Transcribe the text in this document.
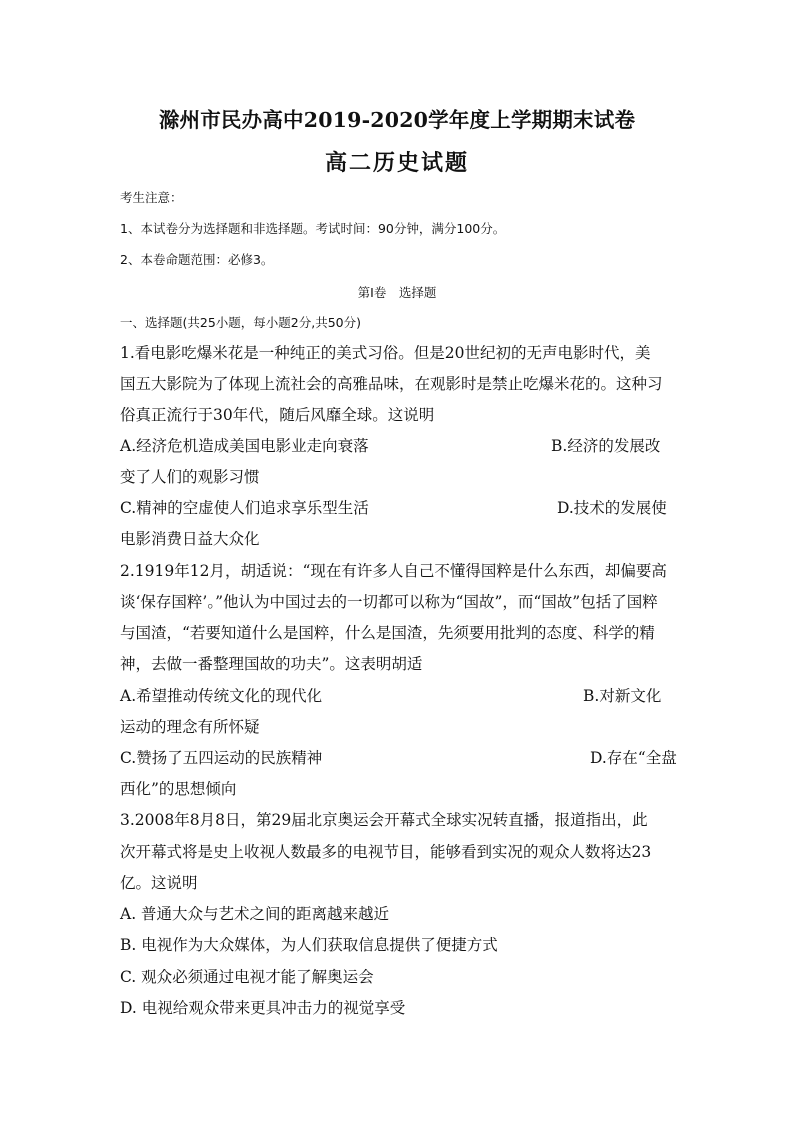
滁州市民办高中2019-2020学年度上学期期末试卷
高二历史试题
考生注意：
1、本试卷分为选择题和非选择题。考试时间：90分钟，满分100分。
2、本卷命题范围：必修3。
第Ⅰ卷　选择题
一、选择题(共25小题，每小题2分,共50分)
1.看电影吃爆米花是一种纯正的美式习俗。但是20世纪初的无声电影时代，美
国五大影院为了体现上流社会的高雅品味，在观影时是禁止吃爆米花的。这种习
俗真正流行于30年代，随后风靡全球。这说明
A.经济危机造成美国电影业走向衰落	B.经济的发展改
变了人们的观影习惯
C.精神的空虚使人们追求享乐型生活	D.技术的发展使
电影消费日益大众化
2.1919年12月，胡适说：“现在有许多人自己不懂得国粹是什么东西，却偏要高
谈‘保存国粹’。”他认为中国过去的一切都可以称为“国故”，而“国故”包括了国粹
与国渣，“若要知道什么是国粹，什么是国渣，先须要用批判的态度、科学的精
神，去做一番整理国故的功夫”。这表明胡适
A.希望推动传统文化的现代化	B.对新文化
运动的理念有所怀疑
C.赞扬了五四运动的民族精神	D.存在“全盘
西化”的思想倾向
3.2008年8月8日，第29届北京奥运会开幕式全球实况转直播，报道指出，此
次开幕式将是史上收视人数最多的电视节目，能够看到实况的观众人数将达23
亿。这说明
A. 普通大众与艺术之间的距离越来越近
B. 电视作为大众媒体，为人们获取信息提供了便捷方式
C. 观众必须通过电视才能了解奥运会
D. 电视给观众带来更具冲击力的视觉享受
